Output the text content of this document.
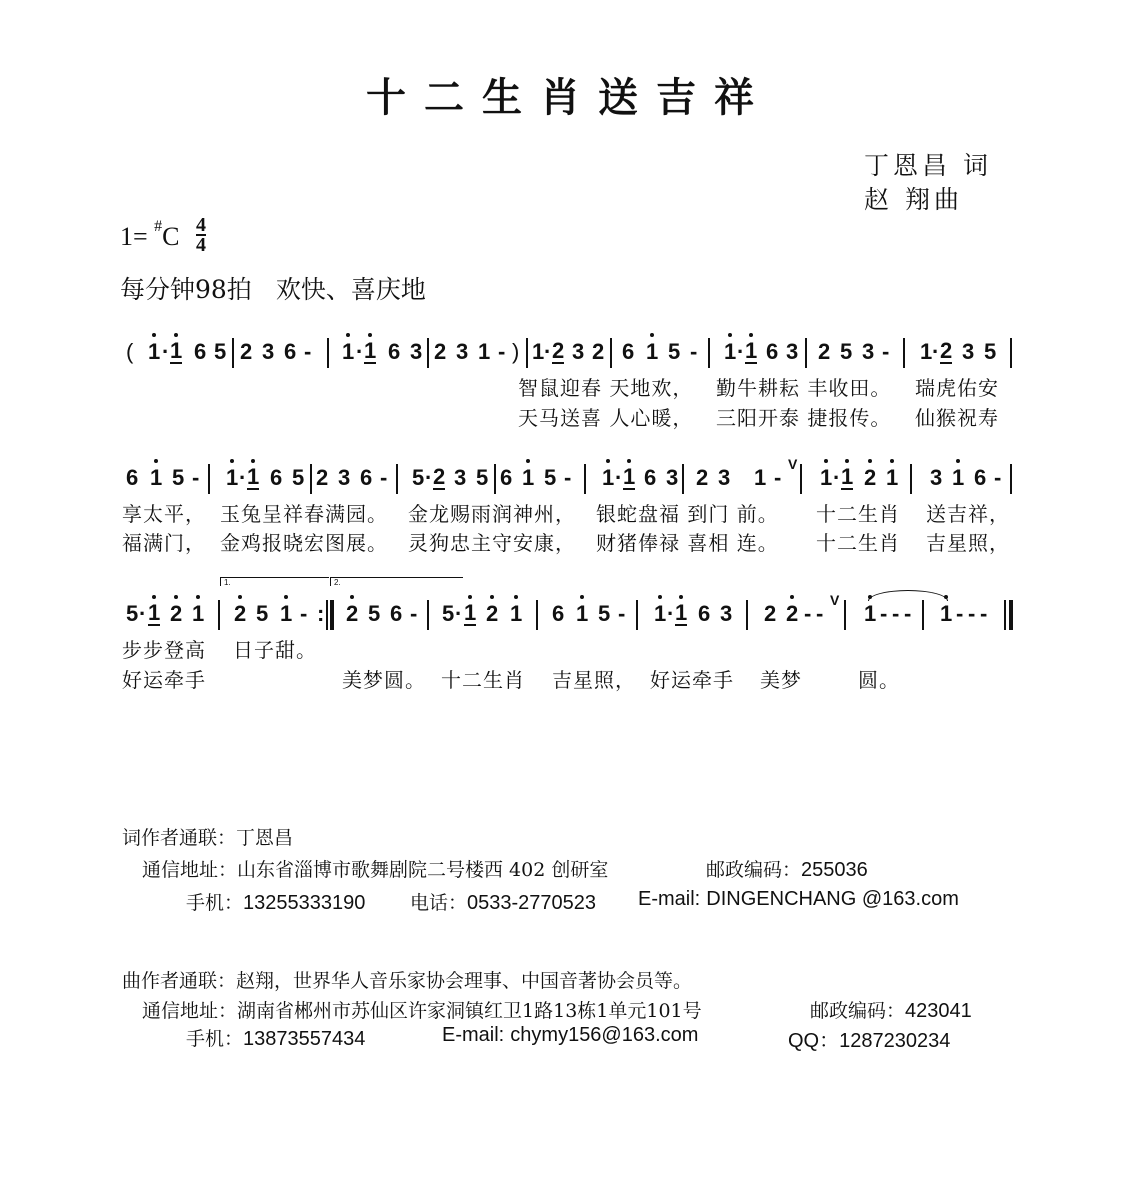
十二生肖送吉祥
丁恩昌 词
赵 翔曲
$1= ^{\#}C \frac{4}{4}$
每分钟98拍 欢快、喜庆地
( 1 · 1 6 5 2 3 6 - 1 · 1 6 3 2 3 1 - ) 1 · 2 3 2 6 1 5 - 1 · 1 6 3 2 5 3 - 1 · 2 3 5
智鼠迎春 天地欢， 勤牛耕耘 丰收田。 瑞虎佑安
天马送喜 人心暖， 三阳开泰 捷报传。 仙猴祝寿
6 1 5 - 1 · 1 6 5 2 3 6 - 5 · 2 3 5 6 1 5 - 1 · 1 6 3 2 3 1 -
V
1 · 1 2 1 3 1 6 -
享太平， 玉兔呈祥春满园。 金龙赐雨润神州， 银蛇盘福 到门 前。 十二生肖 送吉祥，
福满门， 金鸡报晓宏图展。 灵狗忠主守安康， 财猪俸禄 喜相 连。 十二生肖 吉星照，
1.	2.
5 · 1 2 1 2 5 1 - : 2 5 6 - 5 · 1 2 1 6 1 5 - 1 · 1 6 3 2 2 - -
V
1 - - - 1 - - -
步步登高 日子甜。
好运牵手	美梦圆。 十二生肖 吉星照， 好运牵手 美梦	圆。
词作者通联：丁恩昌
通信地址：山东省淄博市歌舞剧院二号楼西 402 创研室	邮政编码：255036
手机：13255333190 电话：0533-2770523 E-mail: DINGENCHANG @163.com
曲作者通联：赵翔，世界华人音乐家协会理事、中国音著协会员等。
通信地址：湖南省郴州市苏仙区许家洞镇红卫1路13栋1单元101号	邮政编码：423041
手机：13873557434	E-mail: chymy156@163.com	QQ：1287230234
